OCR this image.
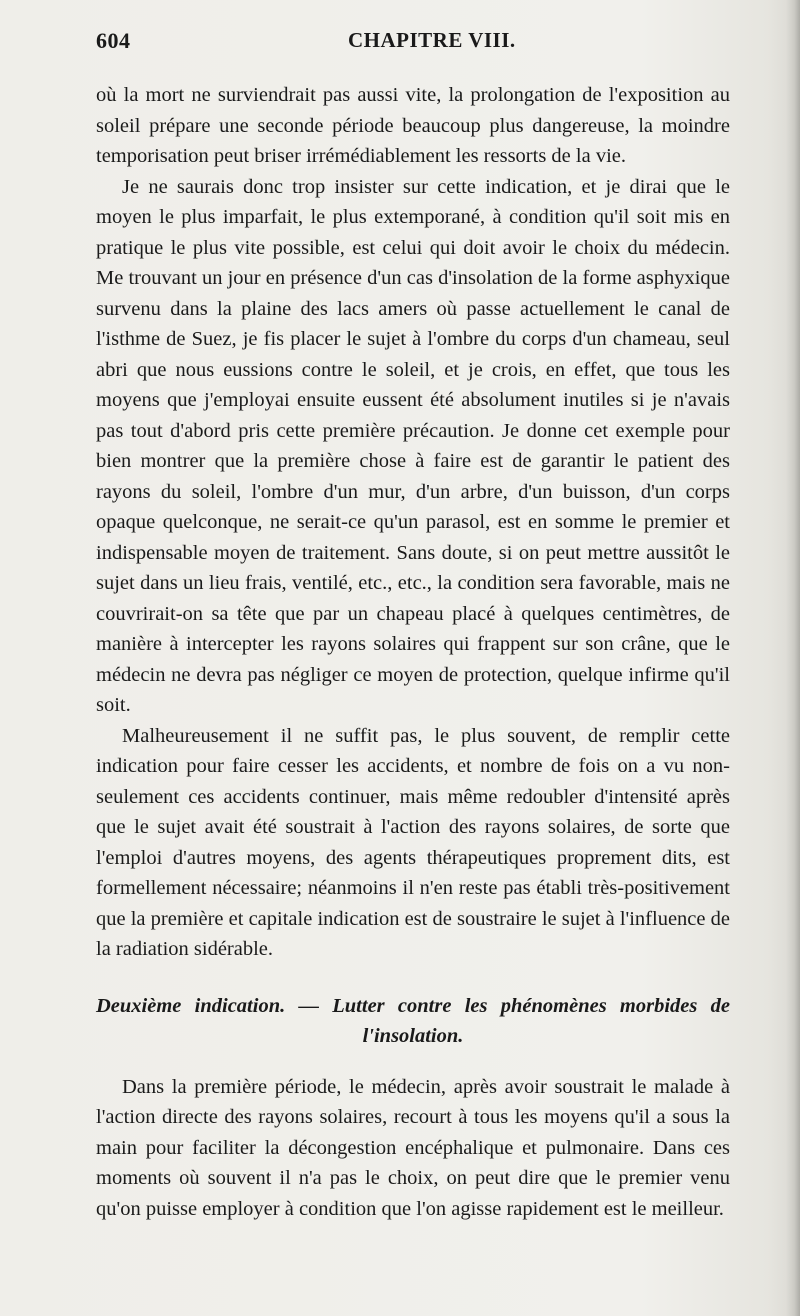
604	CHAPITRE VIII.

où la mort ne surviendrait pas aussi vite, la prolongation de l'exposition au soleil prépare une seconde période beaucoup plus dangereuse, la moindre temporisation peut briser irrémédiablement les ressorts de la vie.

Je ne saurais donc trop insister sur cette indication, et je dirai que le moyen le plus imparfait, le plus extemporané, à condition qu'il soit mis en pratique le plus vite possible, est celui qui doit avoir le choix du médecin. Me trouvant un jour en présence d'un cas d'insolation de la forme asphyxique survenu dans la plaine des lacs amers où passe actuellement le canal de l'isthme de Suez, je fis placer le sujet à l'ombre du corps d'un chameau, seul abri que nous eussions contre le soleil, et je crois, en effet, que tous les moyens que j'employai ensuite eussent été absolument inutiles si je n'avais pas tout d'abord pris cette première précaution. Je donne cet exemple pour bien montrer que la première chose à faire est de garantir le patient des rayons du soleil, l'ombre d'un mur, d'un arbre, d'un buisson, d'un corps opaque quelconque, ne serait-ce qu'un parasol, est en somme le premier et indispensable moyen de traitement. Sans doute, si on peut mettre aussitôt le sujet dans un lieu frais, ventilé, etc., etc., la condition sera favorable, mais ne couvrirait-on sa tête que par un chapeau placé à quelques centimètres, de manière à intercepter les rayons solaires qui frappent sur son crâne, que le médecin ne devra pas négliger ce moyen de protection, quelque infirme qu'il soit.

Malheureusement il ne suffit pas, le plus souvent, de remplir cette indication pour faire cesser les accidents, et nombre de fois on a vu non-seulement ces accidents continuer, mais même redoubler d'intensité après que le sujet avait été soustrait à l'action des rayons solaires, de sorte que l'emploi d'autres moyens, des agents thérapeutiques proprement dits, est formellement nécessaire; néanmoins il n'en reste pas établi très-positivement que la première et capitale indication est de soustraire le sujet à l'influence de la radiation sidérable.

Deuxième indication. — Lutter contre les phénomènes morbides de
l'insolation.

Dans la première période, le médecin, après avoir soustrait le malade à l'action directe des rayons solaires, recourt à tous les moyens qu'il a sous la main pour faciliter la décongestion encéphalique et pulmonaire. Dans ces moments où souvent il n'a pas le choix, on peut dire que le premier venu qu'on puisse employer à condition que l'on agisse rapidement est le meilleur.
